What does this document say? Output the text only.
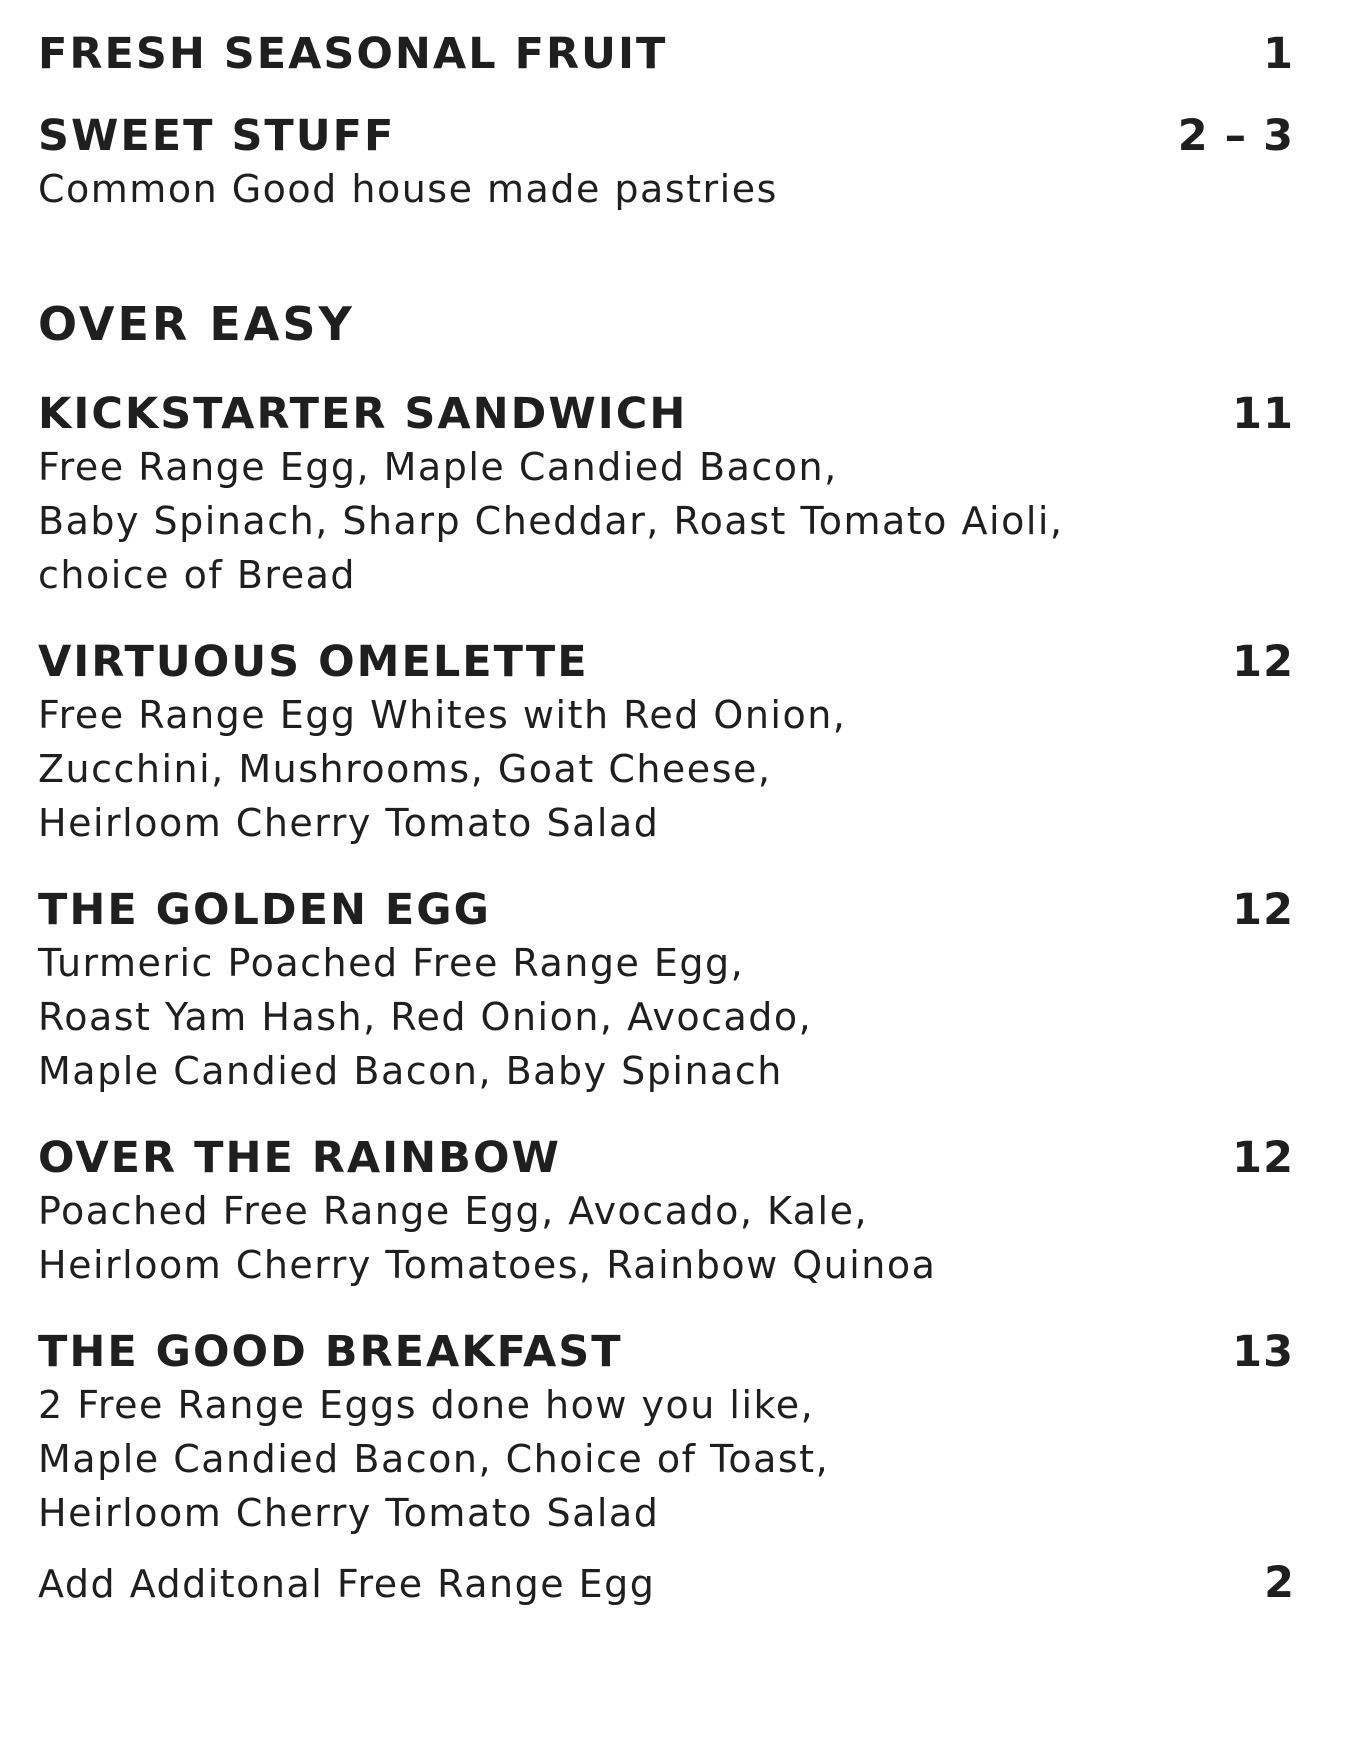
FRESH SEASONAL FRUIT	1
SWEET STUFF	2 – 3
Common Good house made pastries
OVER EASY
KICKSTARTER SANDWICH	11
Free Range Egg, Maple Candied Bacon,
Baby Spinach, Sharp Cheddar, Roast Tomato Aioli,
choice of Bread
VIRTUOUS OMELETTE	12
Free Range Egg Whites with Red Onion,
Zucchini, Mushrooms, Goat Cheese,
Heirloom Cherry Tomato Salad
THE GOLDEN EGG	12
Turmeric Poached Free Range Egg,
Roast Yam Hash, Red Onion, Avocado,
Maple Candied Bacon, Baby Spinach
OVER THE RAINBOW	12
Poached Free Range Egg, Avocado, Kale,
Heirloom Cherry Tomatoes, Rainbow Quinoa
THE GOOD BREAKFAST	13
2 Free Range Eggs done how you like,
Maple Candied Bacon, Choice of Toast,
Heirloom Cherry Tomato Salad
Add Additonal Free Range Egg	2
